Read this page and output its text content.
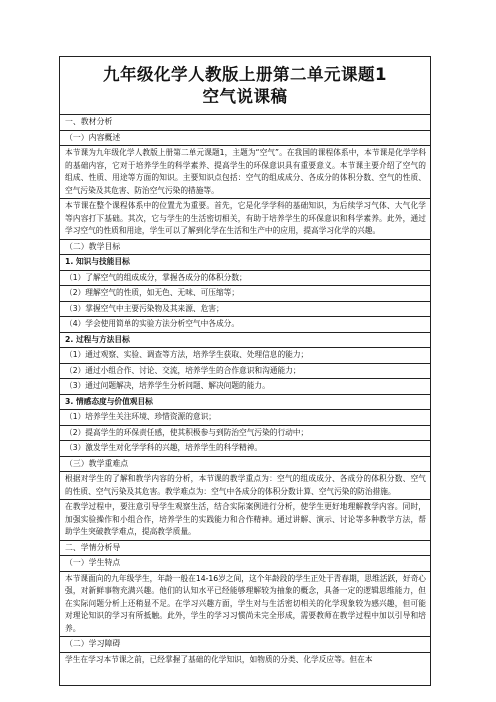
九年级化学人教版上册第二单元课题1空气说课稿
一、教材分析
（一）内容概述
本节课为九年级化学人教版上册第二单元课题1，主题为“空气”。在我国的课程体系中，本节课是化学学科的基础内容，它对于培养学生的科学素养、提高学生的环保意识具有重要意义。本节课主要介绍了空气的组成、性质、用途等方面的知识。主要知识点包括：空气的组成成分、各成分的体积分数、空气的性质、空气污染及其危害、防治空气污染的措施等。
本节课在整个课程体系中的位置尤为重要。首先，它是化学学科的基础知识，为后续学习气体、大气化学等内容打下基础。其次，它与学生的生活密切相关，有助于培养学生的环保意识和科学素养。此外，通过学习空气的性质和用途，学生可以了解到化学在生活和生产中的应用，提高学习化学的兴趣。
（二）教学目标
1. 知识与技能目标
（1）了解空气的组成成分，掌握各成分的体积分数；
（2）理解空气的性质，如无色、无味、可压缩等；
（3）掌握空气中主要污染物及其来源、危害；
（4）学会使用简单的实验方法分析空气中各成分。
2. 过程与方法目标
（1）通过观察、实验、调查等方法，培养学生获取、处理信息的能力；
（2）通过小组合作、讨论、交流，培养学生的合作意识和沟通能力；
（3）通过问题解决，培养学生分析问题、解决问题的能力。
3. 情感态度与价值观目标
（1）培养学生关注环境、珍惜资源的意识；
（2）提高学生的环保责任感，使其积极参与到防治空气污染的行动中；
（3）激发学生对化学学科的兴趣，培养学生的科学精神。
（三）教学重难点
根据对学生的了解和教学内容的分析，本节课的教学重点为：空气的组成成分、各成分的体积分数、空气的性质、空气污染及其危害。教学难点为：空气中各成分的体积分数计算、空气污染的防治措施。
在教学过程中，要注意引导学生观察生活，结合实际案例进行分析，使学生更好地理解教学内容。同时，加强实验操作和小组合作，培养学生的实践能力和合作精神。通过讲解、演示、讨论等多种教学方法，帮助学生突破教学难点，提高教学质量。
二、学情分析导
（一）学生特点
本节课面向的九年级学生，年龄一般在14-16岁之间，这个年龄段的学生正处于青春期，思维活跃，好奇心强，对新鲜事物充满兴趣。他们的认知水平已经能够理解较为抽象的概念，具备一定的逻辑思维能力，但在实际问题分析上还稍显不足。在学习兴趣方面，学生对与生活密切相关的化学现象较为感兴趣，但可能对理论知识的学习有所抵触。此外，学生的学习习惯尚未完全形成，需要教师在教学过程中加以引导和培养。
（二）学习障碍
学生在学习本节课之前，已经掌握了基础的化学知识，如物质的分类、化学反应等。但在本
